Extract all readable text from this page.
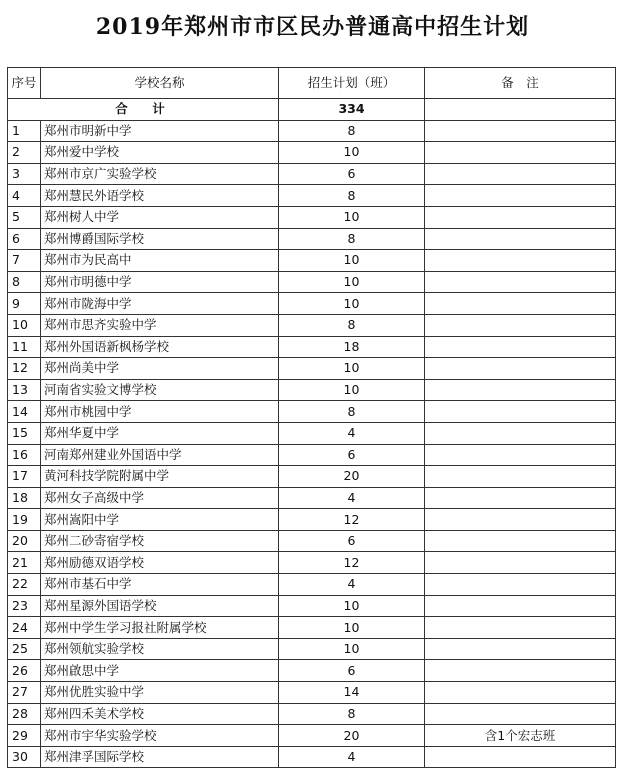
2019年郑州市市区民办普通高中招生计划
序号	学校名称	招生计划（班）	备　注
合　计		334	
1	郑州市明新中学	8	
2	郑州爱中学校	10	
3	郑州市京广实验学校	6	
4	郑州慧民外语学校	8	
5	郑州树人中学	10	
6	郑州博爵国际学校	8	
7	郑州市为民高中	10	
8	郑州市明德中学	10	
9	郑州市陇海中学	10	
10	郑州市思齐实验中学	8	
11	郑州外国语新枫杨学校	18	
12	郑州尚美中学	10	
13	河南省实验文博学校	10	
14	郑州市桃园中学	8	
15	郑州华夏中学	4	
16	河南郑州建业外国语中学	6	
17	黄河科技学院附属中学	20	
18	郑州女子高级中学	4	
19	郑州嵩阳中学	12	
20	郑州二砂寄宿学校	6	
21	郑州励德双语学校	12	
22	郑州市基石中学	4	
23	郑州星源外国语学校	10	
24	郑州中学生学习报社附属学校	10	
25	郑州领航实验学校	10	
26	郑州啟思中学	6	
27	郑州优胜实验中学	14	
28	郑州四禾美术学校	8	
29	郑州市宇华实验学校	20	含1个宏志班
30	郑州津孚国际学校	4	
